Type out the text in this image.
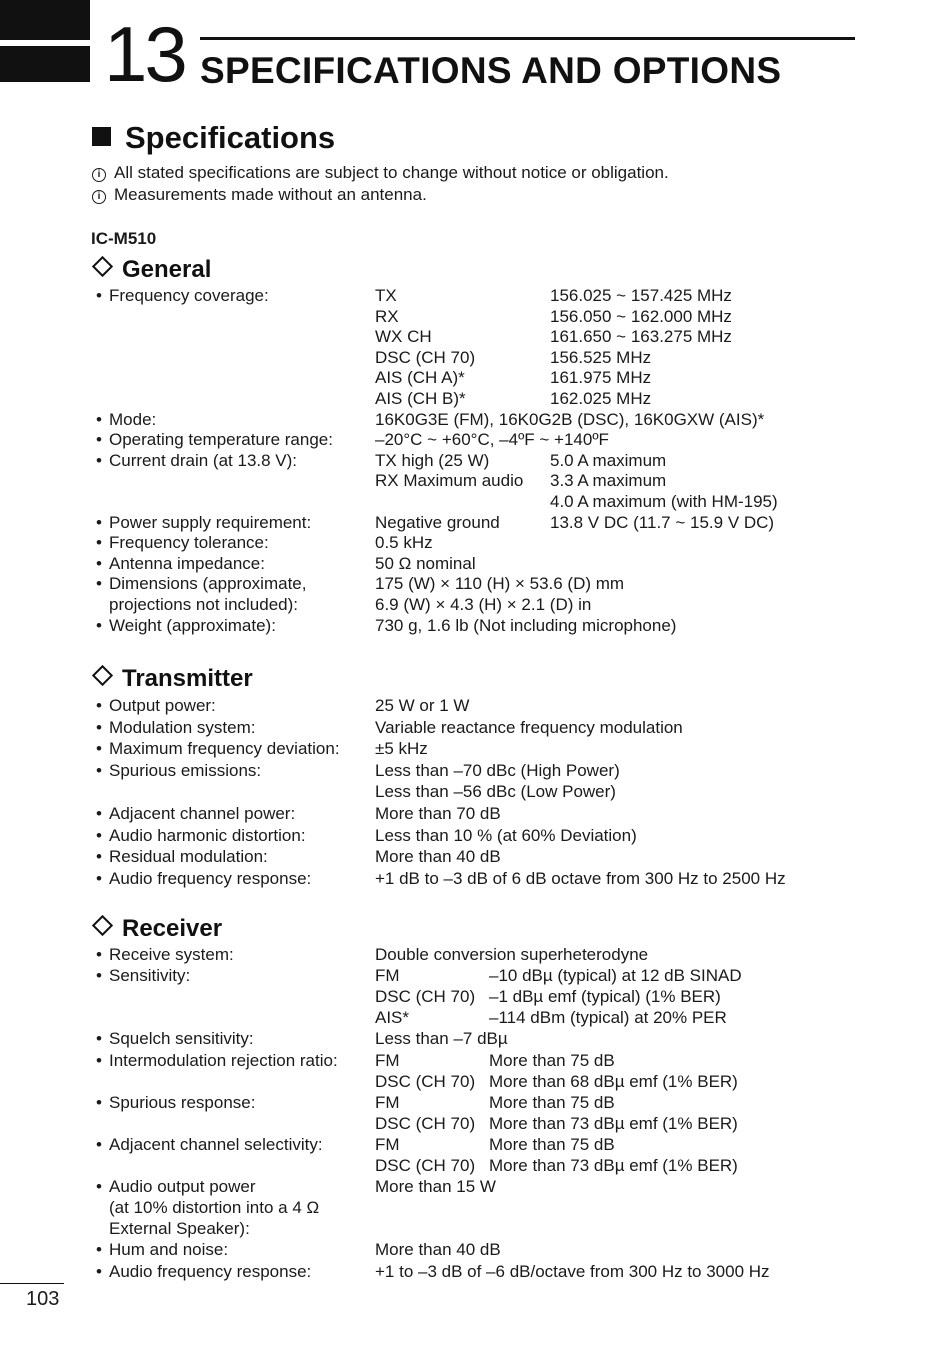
13 SPECIFICATIONS AND OPTIONS
Specifications
i All stated specifications are subject to change without notice or obligation.
i Measurements made without an antenna.
IC-M510
General
• Frequency coverage:	TX	156.025 ~ 157.425 MHz
RX	156.050 ~ 162.000 MHz
WX CH	161.650 ~ 163.275 MHz
DSC (CH 70)	156.525 MHz
AIS (CH A)*	161.975 MHz
AIS (CH B)*	162.025 MHz
• Mode:	16K0G3E (FM), 16K0G2B (DSC), 16K0GXW (AIS)*
• Operating temperature range: –20°C ~ +60°C, –4ºF ~ +140ºF
• Current drain (at 13.8 V):	TX high (25 W)	5.0 A maximum
RX Maximum audio 3.3 A maximum
4.0 A maximum (with HM-195)
• Power supply requirement:	Negative ground	13.8 V DC (11.7 ~ 15.9 V DC)
• Frequency tolerance:	0.5 kHz
• Antenna impedance:	50 Ω nominal
• Dimensions (approximate,	175 (W) × 110 (H) × 53.6 (D) mm
projections not included):	6.9 (W) × 4.3 (H) × 2.1 (D) in
• Weight (approximate):	730 g, 1.6 lb (Not including microphone)
Transmitter
• Output power:	25 W or 1 W
• Modulation system:	Variable reactance frequency modulation
• Maximum frequency deviation: ±5 kHz
• Spurious emissions:	Less than –70 dBc (High Power)
Less than –56 dBc (Low Power)
• Adjacent channel power:	More than 70 dB
• Audio harmonic distortion:	Less than 10 % (at 60% Deviation)
• Residual modulation:	More than 40 dB
• Audio frequency response:	+1 dB to –3 dB of 6 dB octave from 300 Hz to 2500 Hz
Receiver
• Receive system:	Double conversion superheterodyne
• Sensitivity:	FM	–10 dBµ (typical) at 12 dB SINAD
DSC (CH 70) –1 dBµ emf (typical) (1% BER)
AIS*	–114 dBm (typical) at 20% PER
• Squelch sensitivity:	Less than –7 dBµ
• Intermodulation rejection ratio: FM	More than 75 dB
DSC (CH 70) More than 68 dBµ emf (1% BER)
• Spurious response:	FM	More than 75 dB
DSC (CH 70) More than 73 dBµ emf (1% BER)
• Adjacent channel selectivity:	FM	More than 75 dB
DSC (CH 70) More than 73 dBµ emf (1% BER)
• Audio output power	More than 15 W
(at 10% distortion into a 4 Ω
External Speaker):
• Hum and noise:	More than 40 dB
• Audio frequency response:	+1 to –3 dB of –6 dB/octave from 300 Hz to 3000 Hz
103
